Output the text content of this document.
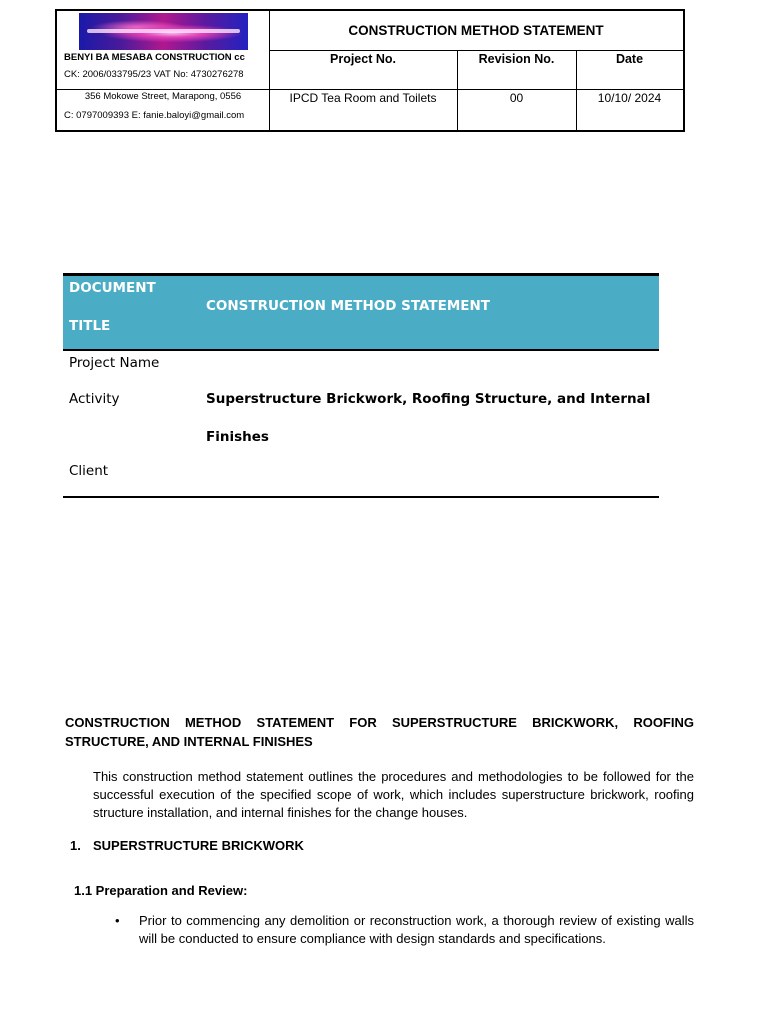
BENYI BA MESABA CONSTRUCTION cc
CK: 2006/033795/23 VAT No: 4730276278
356 Mokowe Street, Marapong, 0556
C: 0797009393 E: fanie.baloyi@gmail.com
CONSTRUCTION METHOD STATEMENT
Project No.	Revision No.	Date
IPCD Tea Room and Toilets	00	10/10/ 2024
DOCUMENT
TITLE
CONSTRUCTION METHOD STATEMENT
Project Name
Activity	Superstructure Brickwork, Roofing Structure, and Internal
Finishes
Client
CONSTRUCTION METHOD STATEMENT FOR SUPERSTRUCTURE BRICKWORK, ROOFING STRUCTURE, AND INTERNAL FINISHES
This construction method statement outlines the procedures and methodologies to be followed for the successful execution of the specified scope of work, which includes superstructure brickwork, roofing structure installation, and internal finishes for the change houses.
1. SUPERSTRUCTURE BRICKWORK
1.1 Preparation and Review:
•	Prior to commencing any demolition or reconstruction work, a thorough review of existing walls will be conducted to ensure compliance with design standards and specifications.
